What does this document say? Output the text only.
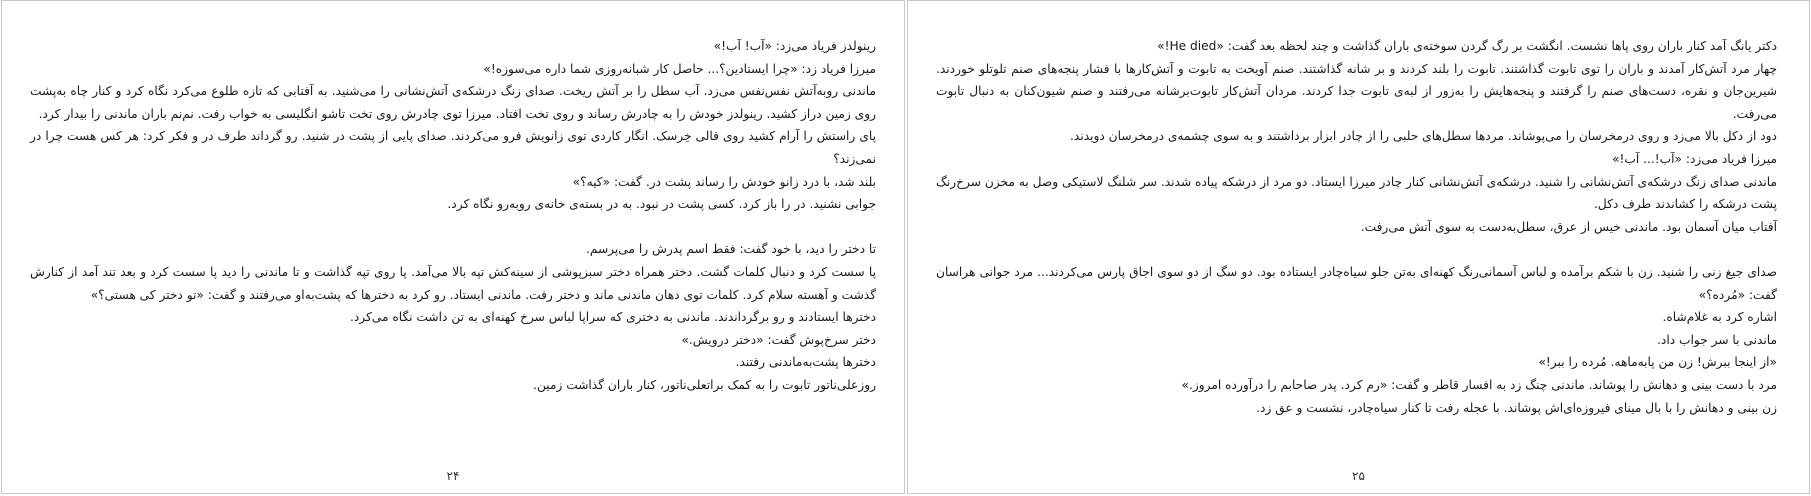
رینولدز فریاد می‌زد: «آب! آب!»

میرزا فریاد زد: «چرا ایستادین؟... حاصل کار شبانه‌روزی شما داره می‌سوزه!»

ماندنی روبه‌آتش نفس‌نفس می‌زد. آب سطل را بر آتش ریخت. صدای زنگ درشکه‌ی آتش‌نشانی را می‌شنید. به آفتابی که تازه طلوع می‌کرد نگاه کرد و کنار چاه به‌پشت روی زمین دراز کشید. رینولدز خودش را به چادرش رساند و روی تخت افتاد. میرزا توی چادرش روی تخت تاشو انگلیسی به خواب رفت. نم‌نم باران ماندنی را بیدار کرد.

پای راستش را آرام کشید روی قالی خِرسک. انگار کاردی توی زانویش فرو می‌کردند. صدای پایی از پشت در شنید. رو گرداند طرف در و فکر کرد: هر کس هست چرا در نمی‌زند؟

بلند شد، با درد زانو خودش را رساند پشت در. گفت: «کیه؟»

جوابی نشنید. در را باز کرد. کسی پشت در نبود. به در بسته‌ی خانه‌ی روبه‌رو نگاه کرد.

تا دختر را دید، با خود گفت: فقط اسم پدرش را می‌پرسم.

پا سست کرد و دنبال کلمات گشت. دختر همراه دختر سبزپوشی از سینه‌کش تپه بالا می‌آمد. پا روی تپه گذاشت و تا ماندنی را دید پا سست کرد و بعد تند آمد از کنارش گذشت و آهسته سلام کرد. کلمات توی دهان ماندنی ماند و دختر رفت. ماندنی ایستاد. رو کرد به دخترها که پشت‌به‌او می‌رفتند و گفت: «تو دختر کی هستی؟»

دخترها ایستادند و رو برگرداندند. ماندنی به دختری که سراپا لباس سرخ کهنه‌ای به تن داشت نگاه می‌کرد.

دختر سرخ‌پوش گفت: «دختر درویش.»

دخترها پشت‌به‌ماندنی رفتند.

روزعلی‌ناتور تابوت را به کمک براتعلی‌ناتور، کنار باران گذاشت زمین.

۲۴

دکتر یانگ آمد کنار باران روی پاها نشست. انگشت بر رگ گردن سوخته‌ی باران گذاشت و چند لحظه بعد گفت: «He died!»

چهار مرد آتش‌کار آمدند و باران را توی تابوت گذاشتند. تابوت را بلند کردند و بر شانه گذاشتند. صنم آویخت به تابوت و آتش‌کارها با فشار پنجه‌های صنم تلوتلو خوردند. شیرین‌جان و نقره، دست‌های صنم را گرفتند و پنجه‌هایش را به‌زور از لبه‌ی تابوت جدا کردند. مردان آتش‌کار تابوت‌برشانه می‌رفتند و صنم شیون‌کنان به دنبال تابوت می‌رفت.

دود از دکل بالا می‌زد و روی درمخرسان را می‌پوشاند. مردها سطل‌های حلبی را از چادر ابزار برداشتند و به سوی چشمه‌ی درمخرسان دویدند.

میرزا فریاد می‌زد: «آب!... آب!»

ماندنی صدای زنگ درشکه‌ی آتش‌نشانی را شنید. درشکه‌ی آتش‌نشانی کنار چادر میرزا ایستاد. دو مرد از درشکه پیاده شدند. سر شلنگ لاستیکی وصل به مخزن سرخ‌رنگ پشت درشکه را کشاندند طرف دکل.

آفتاب میان آسمان بود. ماندنی خیس از عرق، سطل‌به‌دست به سوی آتش می‌رفت.

صدای جیغ زنی را شنید. زن با شکم برآمده و لباس آسمانی‌رنگ کهنه‌ای به‌تن جلو سیاه‌چادر ایستاده بود. دو سگ از دو سوی اجاق پارس می‌کردند... مرد جوانی هراسان گفت: «مُرده؟»

اشاره کرد به غلام‌شاه.

ماندنی با سر جواب داد.

«از اینجا ببرش! زن من پابه‌ماهه. مُرده را ببر!»

مرد با دست بینی و دهانش را پوشاند. ماندنی چنگ زد به افسار قاطر و گفت: «رم کرد. پدر صاحابم را درآورده امروز.»

زن بینی و دهانش را با بال مینای فیروزه‌ای‌اش پوشاند. با عجله رفت تا کنار سیاه‌چادر، نشست و عق زد.

۲۵
